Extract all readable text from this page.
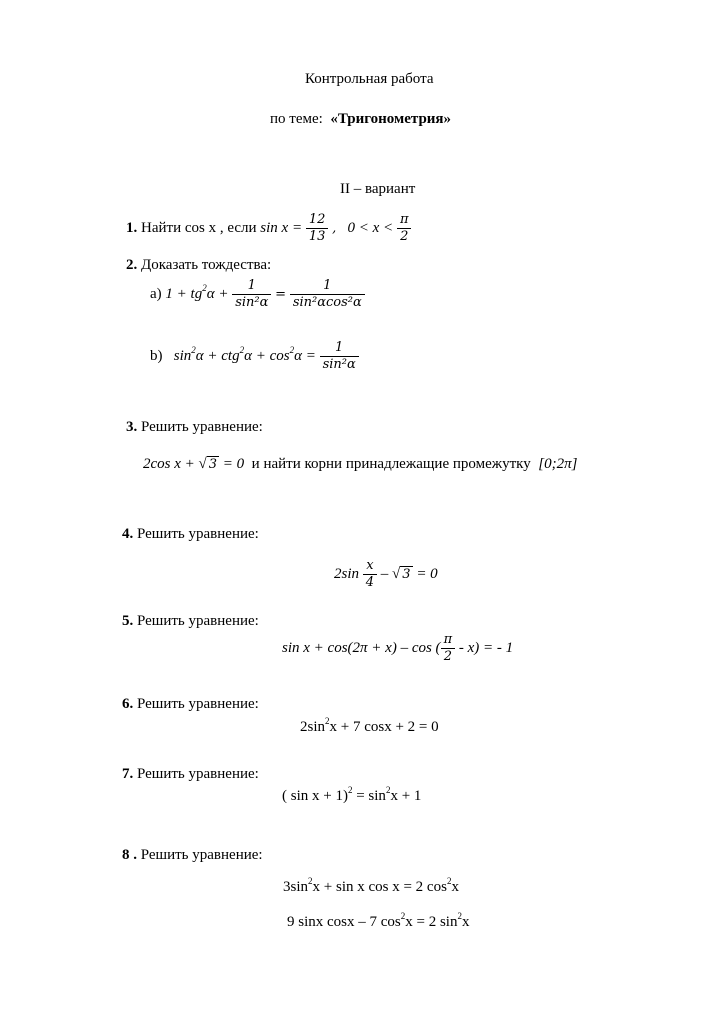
Контрольная работа
по теме: «Тригонометрия»
II – вариант
1. Найти cos x , если $\sin x = \frac{12}{13}$ , $0 < x < \frac{\pi}{2}$
2. Доказать тождества:
a) $1 + tg^2\alpha + \frac{1}{\text{sin²α}} = \frac{1}{\text{sin²αcos²α}}$
b) $\sin^2\alpha + ctg^2\alpha + \cos^2\alpha = \frac{1}{\text{sin²α}}$
3. Решить уравнение:
2cos x + √ 3 = 0 и найти корни принадлежащие промежутку [0;2π]
4. Решить уравнение:
$2\sin \frac{x}{4}$ – √ 3 = 0
5. Решить уравнение:
sin x + cos(2π + x) – cos ( $\frac{\pi}{2} - x$) = - 1
6. Решить уравнение:
$2\sin^2x + 7$ cosx + 2 = 0
7. Решить уравнение:
( $\sin x + 1)^2 = \sin^2x + 1$
8 . Решить уравнение:
$3\sin^2x + \sin x$ cos x = 2 $\cos^2x$
9 sinx cosx – 7 $\cos^2x = 2$ $\sin^2x$
